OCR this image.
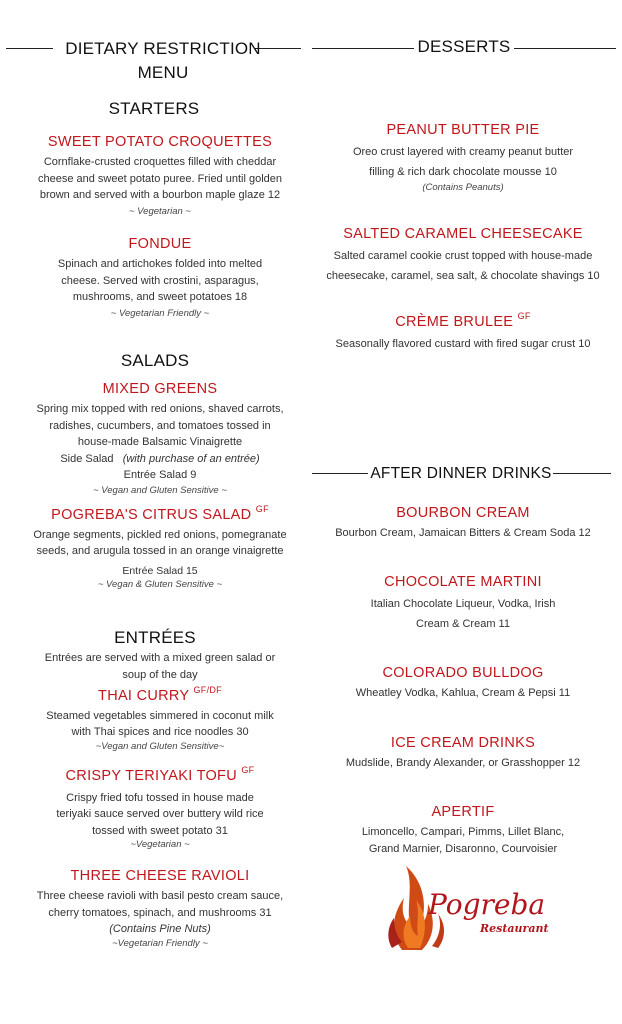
DIETARY RESTRICTION
MENU
STARTERS
SWEET POTATO CROQUETTES
Cornflake-crusted croquettes filled with cheddar
cheese and sweet potato puree. Fried until golden
brown and served with a bourbon maple glaze 12
~ Vegetarian ~
FONDUE
Spinach and artichokes folded into melted
cheese. Served with crostini, asparagus,
mushrooms, and sweet potatoes 18
~ Vegetarian Friendly ~
SALADS
MIXED GREENS
Spring mix topped with red onions, shaved carrots,
radishes, cucumbers, and tomatoes tossed in
house-made Balsamic Vinaigrette
Side Salad (with purchase of an entrée)
Entrée Salad 9
~ Vegan and Gluten Sensitive ~
POGREBA'S CITRUS SALAD $^{GF}$
Orange segments, pickled red onions, pomegranate
seeds, and arugula tossed in an orange vinaigrette
Entrée Salad 15
~ Vegan & Gluten Sensitive ~
ENTRÉES
Entrées are served with a mixed green salad or
soup of the day
THAI CURRY $^{GF/DF}$
Steamed vegetables simmered in coconut milk
with Thai spices and rice noodles 30
~Vegan and Gluten Sensitive~
CRISPY TERIYAKI TOFU $^{GF}$
Crispy fried tofu tossed in house made
teriyaki sauce served over buttery wild rice
tossed with sweet potato 31
~Vegetarian ~
THREE CHEESE RAVIOLI
Three cheese ravioli with basil pesto cream sauce,
cherry tomatoes, spinach, and mushrooms 31
(Contains Pine Nuts)
~Vegetarian Friendly ~
DESSERTS
PEANUT BUTTER PIE
Oreo crust layered with creamy peanut butter
filling & rich dark chocolate mousse 10
(Contains Peanuts)
SALTED CARAMEL CHEESECAKE
Salted caramel cookie crust topped with house-made
cheesecake, caramel, sea salt, & chocolate shavings 10
CRÈME BRULEE $^{GF}$
Seasonally flavored custard with fired sugar crust 10
AFTER DINNER DRINKS
BOURBON CREAM
Bourbon Cream, Jamaican Bitters & Cream Soda 12
CHOCOLATE MARTINI
Italian Chocolate Liqueur, Vodka, Irish
Cream & Cream 11
COLORADO BULLDOG
Wheatley Vodka, Kahlua, Cream & Pepsi 11
ICE CREAM DRINKS
Mudslide, Brandy Alexander, or Grasshopper 12
APERTIF
Limoncello, Campari, Pimms, Lillet Blanc,
Grand Marnier, Disaronno, Courvoisier
Pogreba
Restaurant
